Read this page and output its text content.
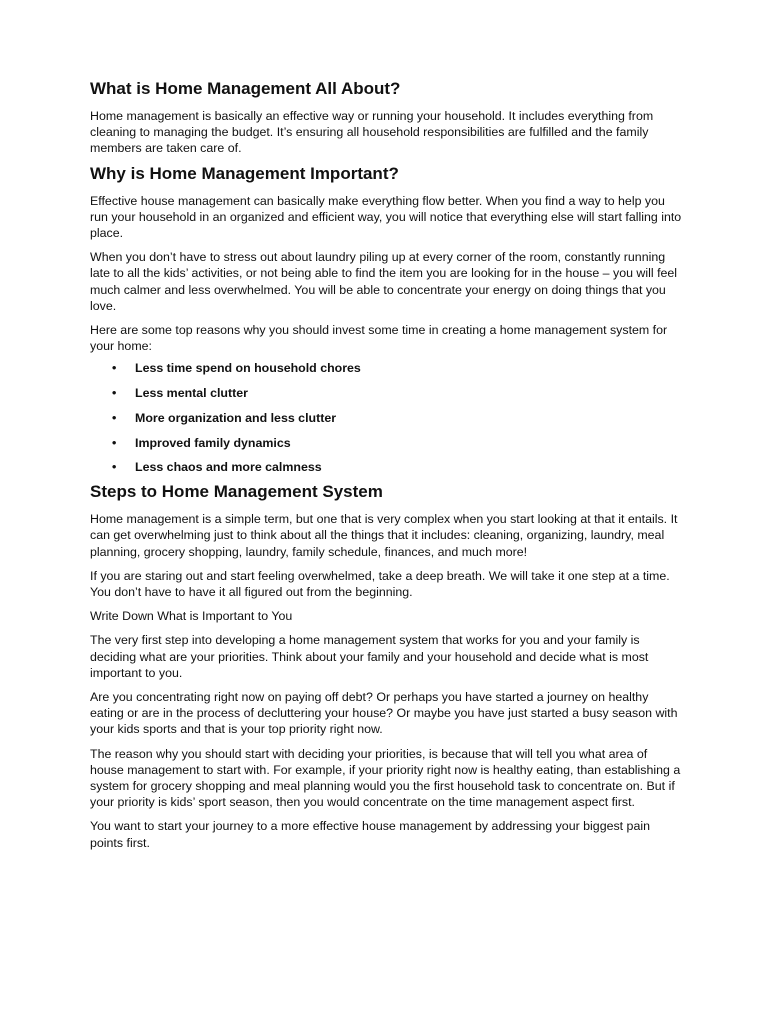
What is Home Management All About?

Home management is basically an effective way or running your household. It includes everything from cleaning to managing the budget. It’s ensuring all household responsibilities are fulfilled and the family members are taken care of.

Why is Home Management Important?

Effective house management can basically make everything flow better. When you find a way to help you run your household in an organized and efficient way, you will notice that everything else will start falling into place.

When you don’t have to stress out about laundry piling up at every corner of the room, constantly running late to all the kids’ activities, or not being able to find the item you are looking for in the house – you will feel much calmer and less overwhelmed. You will be able to concentrate your energy on doing things that you love.

Here are some top reasons why you should invest some time in creating a home management system for your home:

• Less time spend on household chores
• Less mental clutter
• More organization and less clutter
• Improved family dynamics
• Less chaos and more calmness
Steps to Home Management System

Home management is a simple term, but one that is very complex when you start looking at that it entails. It can get overwhelming just to think about all the things that it includes: cleaning, organizing, laundry, meal planning, grocery shopping, laundry, family schedule, finances, and much more!

If you are staring out and start feeling overwhelmed, take a deep breath. We will take it one step at a time. You don’t have to have it all figured out from the beginning.

Write Down What is Important to You

The very first step into developing a home management system that works for you and your family is deciding what are your priorities. Think about your family and your household and decide what is most important to you.

Are you concentrating right now on paying off debt? Or perhaps you have started a journey on healthy eating or are in the process of decluttering your house? Or maybe you have just started a busy season with your kids sports and that is your top priority right now.

The reason why you should start with deciding your priorities, is because that will tell you what area of house management to start with. For example, if your priority right now is healthy eating, than establishing a system for grocery shopping and meal planning would you the first household task to concentrate on. But if your priority is kids’ sport season, then you would concentrate on the time management aspect first.

You want to start your journey to a more effective house management by addressing your biggest pain points first.
